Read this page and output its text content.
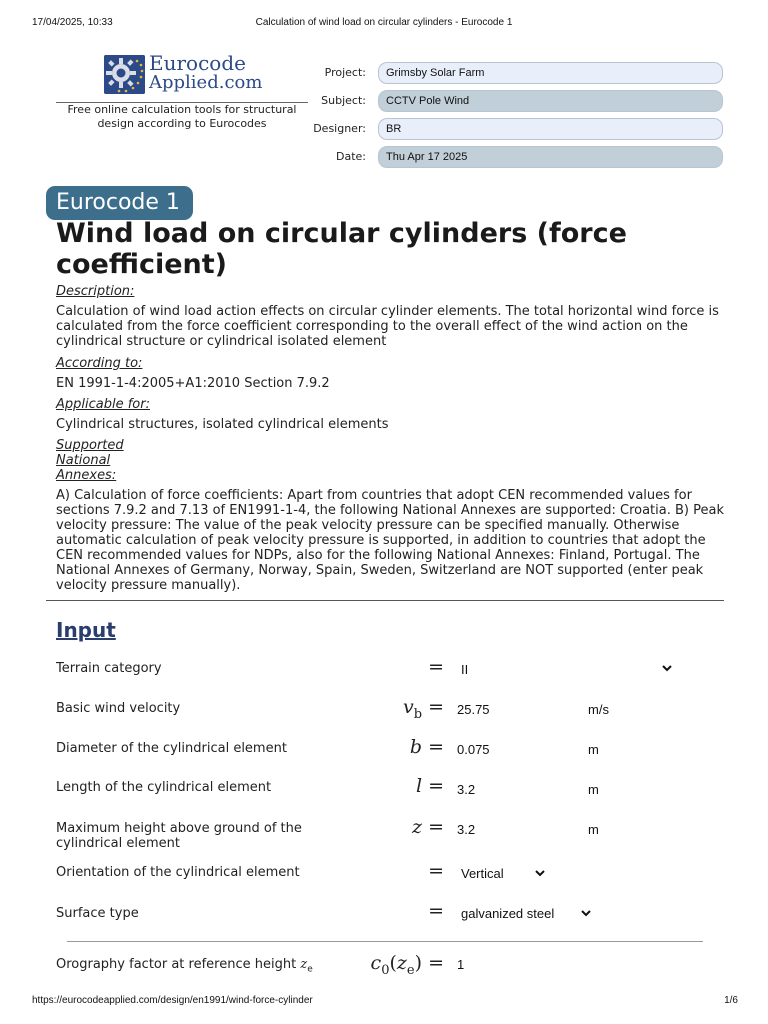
17/04/2025, 10:33	Calculation of wind load on circular cylinders - Eurocode 1
Eurocode
Applied.com
Free online calculation tools for structural design according to Eurocodes
Project:	Grimsby Solar Farm
Subject:	CCTV Pole Wind
Designer:	BR
Date:	Thu Apr 17 2025
Eurocode 1
Wind load on circular cylinders (force coefficient)
Description:
Calculation of wind load action effects on circular cylinder elements. The total horizontal wind force is calculated from the force coefficient corresponding to the overall effect of the wind action on the cylindrical structure or cylindrical isolated element
According to:
EN 1991-1-4:2005+A1:2010 Section 7.9.2
Applicable for:
Cylindrical structures, isolated cylindrical elements
Supported
National
Annexes:
A) Calculation of force coefficients: Apart from countries that adopt CEN recommended values for sections 7.9.2 and 7.13 of EN1991-1-4, the following National Annexes are supported: Croatia. B) Peak velocity pressure: The value of the peak velocity pressure can be specified manually. Otherwise automatic calculation of peak velocity pressure is supported, in addition to countries that adopt the CEN recommended values for NDPs, also for the following National Annexes: Finland, Portugal. The National Annexes of Germany, Norway, Spain, Sweden, Switzerland are NOT supported (enter peak velocity pressure manually).
Input
Terrain category	= II
Basic wind velocity	$v_b = 25.75$	m/s
Diameter of the cylindrical element	b = 0.075	m
Length of the cylindrical element	l = 3.2	m
Maximum height above ground of the
cylindrical element
z = 3.2	m
Orientation of the cylindrical element	= Vertical
Surface type	= galvanized steel
Orography factor at reference height $z_e$	$c_0(z_e) = 1$
https://eurocodeapplied.com/design/en1991/wind-force-cylinder	1/6
